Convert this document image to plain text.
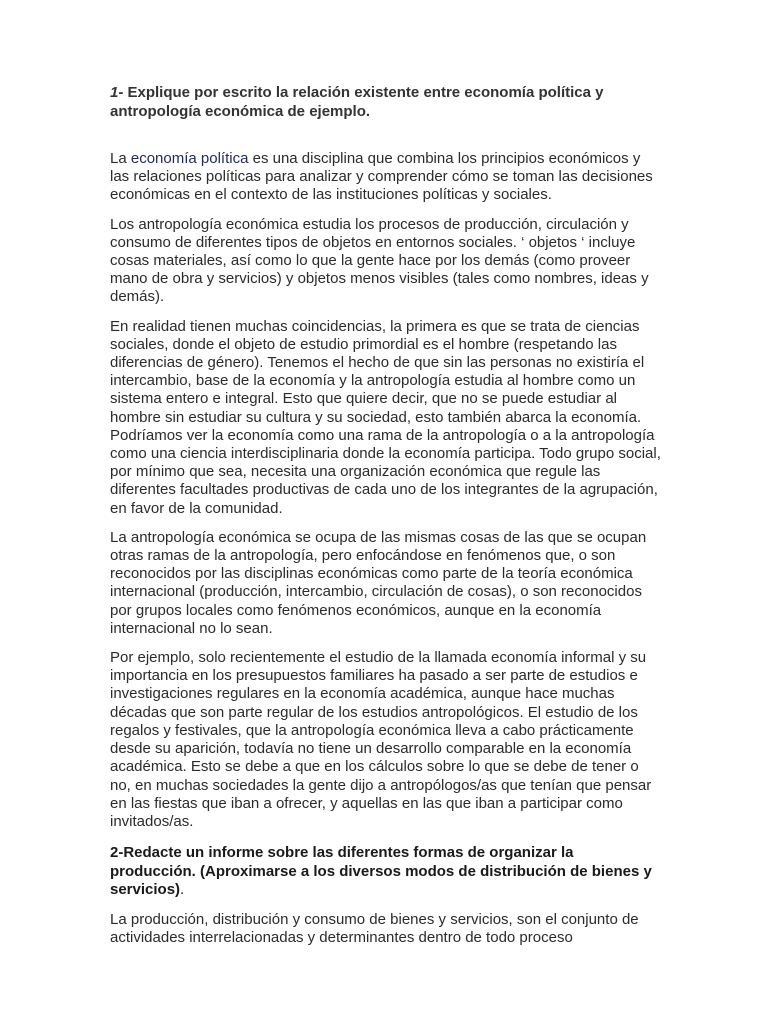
1- Explique por escrito la relación existente entre economía política y antropología económica de ejemplo.

La economía política es una disciplina que combina los principios económicos y las relaciones políticas para analizar y comprender cómo se toman las decisiones económicas en el contexto de las instituciones políticas y sociales.

Los antropología económica estudia los procesos de producción, circulación y consumo de diferentes tipos de objetos en entornos sociales. ‘ objetos ‘ incluye cosas materiales, así como lo que la gente hace por los demás (como proveer mano de obra y servicios) y objetos menos visibles (tales como nombres, ideas y demás).

En realidad tienen muchas coincidencias, la primera es que se trata de ciencias sociales, donde el objeto de estudio primordial es el hombre (respetando las diferencias de género). Tenemos el hecho de que sin las personas no existiría el intercambio, base de la economía y la antropología estudia al hombre como un sistema entero e integral. Esto que quiere decir, que no se puede estudiar al hombre sin estudiar su cultura y su sociedad, esto también abarca la economía. Podríamos ver la economía como una rama de la antropología o a la antropología como una ciencia interdisciplinaria donde la economía participa. Todo grupo social, por mínimo que sea, necesita una organización económica que regule las diferentes facultades productivas de cada uno de los integrantes de la agrupación, en favor de la comunidad.

La antropología económica se ocupa de las mismas cosas de las que se ocupan otras ramas de la antropología, pero enfocándose en fenómenos que, o son reconocidos por las disciplinas económicas como parte de la teoría económica internacional (producción, intercambio, circulación de cosas), o son reconocidos por grupos locales como fenómenos económicos, aunque en la economía internacional no lo sean.

Por ejemplo, solo recientemente el estudio de la llamada economía informal y su importancia en los presupuestos familiares ha pasado a ser parte de estudios e investigaciones regulares en la economía académica, aunque hace muchas décadas que son parte regular de los estudios antropológicos. El estudio de los regalos y festivales, que la antropología económica lleva a cabo prácticamente desde su aparición, todavía no tiene un desarrollo comparable en la economía académica. Esto se debe a que en los cálculos sobre lo que se debe de tener o no, en muchas sociedades la gente dijo a antropólogos/as que tenían que pensar en las fiestas que iban a ofrecer, y aquellas en las que iban a participar como invitados/as.

2-Redacte un informe sobre las diferentes formas de organizar la producción. (Aproximarse a los diversos modos de distribución de bienes y servicios).

La producción, distribución y consumo de bienes y servicios, son el conjunto de actividades interrelacionadas y determinantes dentro de todo proceso
